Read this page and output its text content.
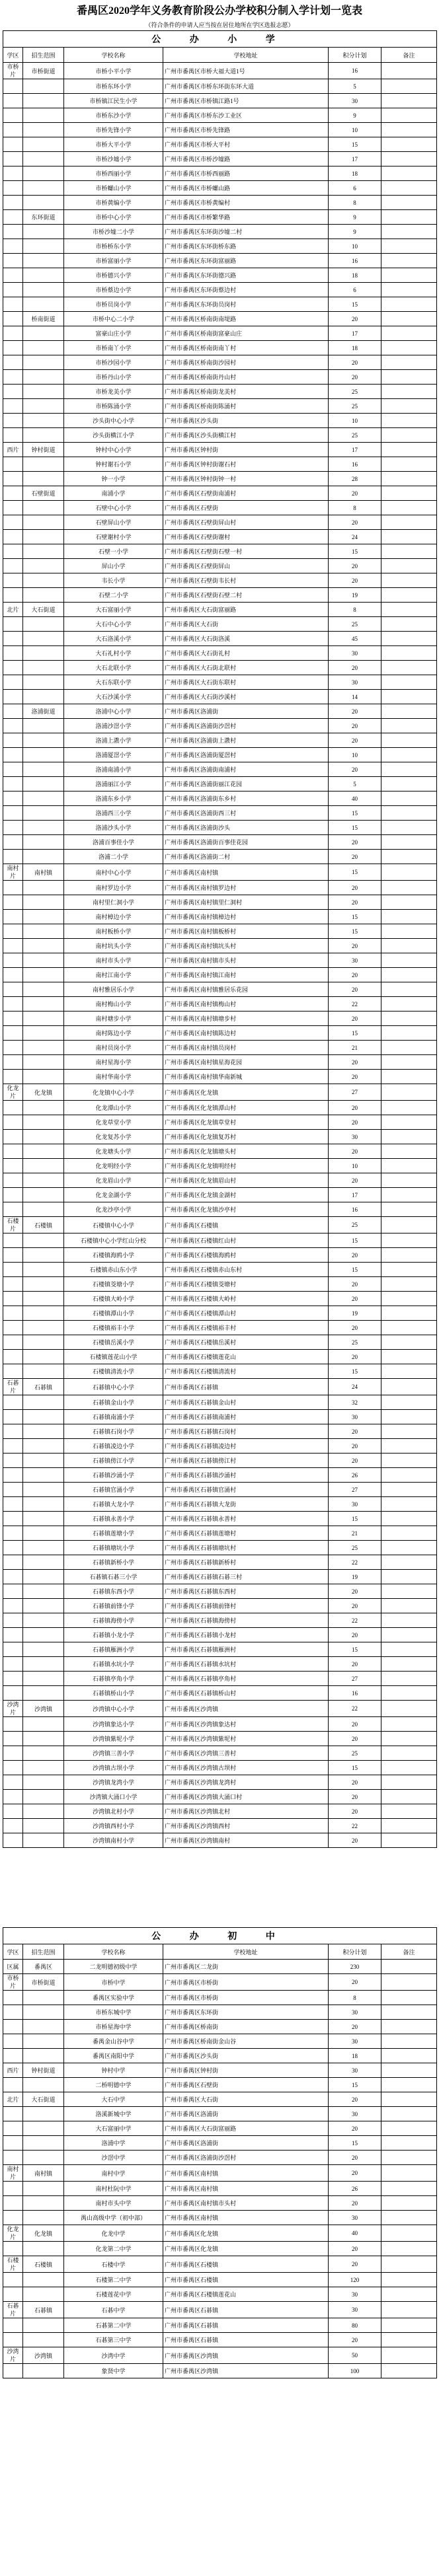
番禺区2020学年义务教育阶段公办学校积分制入学计划一览表
（符合条件的申请人应当按在居住地所在学区选报志愿）
公 办 小 学					
学区	招生范围	学校名称	学校地址	积分计划	备注
市桥片	市桥街道	市桥小平小学	广州市番禺区市桥大福大道1号	16	
		市桥东环小学	广州市番禺区市桥东环街东环大道	5	
		市桥镇江民生小学	广州市番禺区市桥镇江路1号	30	
		市桥东沙小学	广州市番禺区市桥东沙工业区	9	
		市桥先锋小学	广州市番禺区市桥先锋路	10	
		市桥大平小学	广州市番禺区市桥大平村	15	
		市桥沙墟小学	广州市番禺区市桥沙墟路	17	
		市桥西丽小学	广州市番禺区市桥西丽路	18	
		市桥螺山小学	广州市番禺区市桥螺山路	6	
		市桥黄编小学	广州市番禺区市桥黄编村	8	
	东环街道	市桥中心小学	广州市番禺区市桥繁华路	9	
		市桥沙墟二小学	广州市番禺区东环街沙墟二村	9	
		市桥桥东小学	广州市番禺区东环街桥东路	10	
		市桥富丽小学	广州市番禺区东环街富丽路	16	
		市桥德兴小学	广州市番禺区东环街德兴路	18	
		市桥蔡边小学	广州市番禺区东环街蔡边村	6	
		市桥员岗小学	广州市番禺区东环街员岗村	15	
	桥南街道	市桥中心二小学	广州市番禺区桥南街南堤路	20	
		富豪山庄小学	广州市番禺区桥南街富豪山庄	17	
		市桥南丫小学	广州市番禺区桥南街南丫村	18	
		市桥沙园小学	广州市番禺区桥南街沙园村	20	
		市桥丹山小学	广州市番禺区桥南街丹山村	20	
		市桥龙美小学	广州市番禺区桥南街龙美村	25	
		市桥陈涌小学	广州市番禺区桥南街陈涌村	25	
		沙头街中心小学	广州市番禺区沙头街	10	
		沙头街横江小学	广州市番禺区沙头街横江村	25	
西片	钟村街道	钟村中心小学	广州市番禺区钟村街	17	
		钟村谢石小学	广州市番禺区钟村街谢石村	16	
		钟一小学	广州市番禺区钟村街钟一村	28	
	石壁街道	南浦小学	广州市番禺区石壁街南浦村	20	
		石壁中心小学	广州市番禺区石壁街	8	
		石壁屏山小学	广州市番禺区石壁街屏山村	20	
		石壁谢村小学	广州市番禺区石壁街谢村	24	
		石壁一小学	广州市番禺区石壁街石壁一村	15	
		屏山小学	广州市番禺区石壁街屏山	20	
		韦长小学	广州市番禺区石壁街韦长村	20	
		石壁二小学	广州市番禺区石壁街石壁二村	19	
北片	大石街道	大石富丽小学	广州市番禺区大石街富丽路	8	
		大石中心小学	广州市番禺区大石街	25	
		大石洛溪小学	广州市番禺区大石街洛溪	45	
		大石礼村小学	广州市番禺区大石街礼村	30	
		大石北联小学	广州市番禺区大石街北联村	20	
		大石东联小学	广州市番禺区大石街东联村	30	
		大石沙溪小学	广州市番禺区大石街沙溪村	14	
	洛浦街道	洛浦中心小学	广州市番禺区洛浦街	20	
		洛浦沙滘小学	广州市番禺区洛浦街沙滘村	20	
		洛浦上漖小学	广州市番禺区洛浦街上漖村	20	
		洛浦厦滘小学	广州市番禺区洛浦街厦滘村	10	
		洛浦南浦小学	广州市番禺区洛浦街南浦村	20	
		洛浦丽江小学	广州市番禺区洛浦街丽江花园	5	
		洛浦东乡小学	广州市番禺区洛浦街东乡村	40	
		洛浦西三小学	广州市番禺区洛浦街西三村	15	
		洛浦沙头小学	广州市番禺区洛浦街沙头	15	
		洛浦百事佳小学	广州市番禺区洛浦街百事佳花园	20	
		洛浦二小学	广州市番禺区洛浦街二村	20	
南村片	南村镇	南村中心小学	广州市番禺区南村镇	15	
		南村罗边小学	广州市番禺区南村镇罗边村	20	
		南村里仁洞小学	广州市番禺区南村镇里仁洞村	20	
		南村樟边小学	广州市番禺区南村镇樟边村	15	
		南村板桥小学	广州市番禺区南村镇板桥村	15	
		南村坑头小学	广州市番禺区南村镇坑头村	20	
		南村市头小学	广州市番禺区南村镇市头村	30	
		南村江南小学	广州市番禺区南村镇江南村	20	
		南村雅居乐小学	广州市番禺区南村镇雅居乐花园	20	
		南村梅山小学	广州市番禺区南村镇梅山村	22	
		南村塘步小学	广州市番禺区南村镇塘步村	20	
		南村陈边小学	广州市番禺区南村镇陈边村	15	
		南村员岗小学	广州市番禺区南村镇员岗村	21	
		南村星海小学	广州市番禺区南村镇星海花园	20	
		南村华南小学	广州市番禺区南村镇华南新城	20	
化龙片	化龙镇	化龙镇中心小学	广州市番禺区化龙镇	27	
		化龙潭山小学	广州市番禺区化龙镇潭山村	20	
		化龙草堂小学	广州市番禺区化龙镇草堂村	20	
		化龙复苏小学	广州市番禺区化龙镇复苏村	30	
		化龙塘头小学	广州市番禺区化龙镇塘头村	20	
		化龙明经小学	广州市番禺区化龙镇明经村	10	
		化龙眉山小学	广州市番禺区化龙镇眉山村	20	
		化龙金湖小学	广州市番禺区化龙镇金湖村	17	
		化龙沙亭小学	广州市番禺区化龙镇沙亭村	16	
石楼片	石楼镇	石楼镇中心小学	广州市番禺区石楼镇	25	
		石楼镇中心小学红山分校	广州市番禺区石楼镇红山村	15	
		石楼镇海鸥小学	广州市番禺区石楼镇海鸥村	20	
		石楼镇赤山东小学	广州市番禺区石楼镇赤山东村	15	
		石楼镇茭塘小学	广州市番禺区石楼镇茭塘村	20	
		石楼镇大岭小学	广州市番禺区石楼镇大岭村	20	
		石楼镇潭山小学	广州市番禺区石楼镇潭山村	19	
		石楼镇裕丰小学	广州市番禺区石楼镇裕丰村	20	
		石楼镇岳溪小学	广州市番禺区石楼镇岳溪村	25	
		石楼镇莲花山小学	广州市番禺区石楼镇莲花山	20	
		石楼镇清流小学	广州市番禺区石楼镇清流村	15	
石碁片	石碁镇	石碁镇中心小学	广州市番禺区石碁镇	24	
		石碁镇金山小学	广州市番禺区石碁镇金山村	32	
		石碁镇南浦小学	广州市番禺区石碁镇南浦村	30	
		石碁镇石岗小学	广州市番禺区石碁镇石岗村	20	
		石碁镇凌边小学	广州市番禺区石碁镇凌边村	20	
		石碁镇傍江小学	广州市番禺区石碁镇傍江村	20	
		石碁镇沙涌小学	广州市番禺区石碁镇沙涌村	26	
		石碁镇官涌小学	广州市番禺区石碁镇官涌村	27	
		石碁镇大龙小学	广州市番禺区石碁镇大龙街	30	
		石碁镇永善小学	广州市番禺区石碁镇永善村	15	
		石碁镇莲塘小学	广州市番禺区石碁镇莲塘村	21	
		石碁镇塘坑小学	广州市番禺区石碁镇塘坑村	25	
		石碁镇新桥小学	广州市番禺区石碁镇新桥村	22	
		石碁镇石碁三小学	广州市番禺区石碁镇石碁三村	19	
		石碁镇东西小学	广州市番禺区石碁镇东西村	20	
		石碁镇前锋小学	广州市番禺区石碁镇前锋村	20	
		石碁镇海傍小学	广州市番禺区石碁镇海傍村	22	
		石碁镇小龙小学	广州市番禺区石碁镇小龙村	20	
		石碁镇雁洲小学	广州市番禺区石碁镇雁洲村	15	
		石碁镇水坑小学	广州市番禺区石碁镇水坑村	20	
		石碁镇亭角小学	广州市番禺区石碁镇亭角村	27	
		石碁镇桥山小学	广州市番禺区石碁镇桥山村	16	
沙湾片	沙湾镇	沙湾镇中心小学	广州市番禺区沙湾镇	22	
		沙湾镇象达小学	广州市番禺区沙湾镇象达村	20	
		沙湾镇紫坭小学	广州市番禺区沙湾镇紫坭村	20	
		沙湾镇三善小学	广州市番禺区沙湾镇三善村	25	
		沙湾镇古坝小学	广州市番禺区沙湾镇古坝村	15	
		沙湾镇龙湾小学	广州市番禺区沙湾镇龙湾村	20	
		沙湾镇大涌口小学	广州市番禺区沙湾镇大涌口村	20	
		沙湾镇北村小学	广州市番禺区沙湾镇北村	20	
		沙湾镇西村小学	广州市番禺区沙湾镇西村	22	
		沙湾镇南村小学	广州市番禺区沙湾镇南村	20	
公 办 初 中					
学区	招生范围	学校名称	学校地址	积分计划	备注
区属	番禺区	二龙明德初级中学	广州市番禺区二龙街	230	
市桥片	市桥街道	市桥中学	广州市番禺区市桥街	20	
		番禺区实验中学	广州市番禺区市桥街	8	
		市桥东城中学	广州市番禺区东环街	30	
		市桥星海中学	广州市番禺区桥南街	20	
		番禺金山谷中学	广州市番禺区桥南街金山谷	30	
		番禺区南阳中学	广州市番禺区沙头街	18	
西片	钟村街道	钟村中学	广州市番禺区钟村街	30	
		二桥明德中学	广州市番禺区石壁街	15	
北片	大石街道	大石中学	广州市番禺区大石街	20	
		洛溪新城中学	广州市番禺区洛浦街	30	
		大石富丽中学	广州市番禺区大石街富丽路	20	
		洛浦中学	广州市番禺区洛浦街	15	
		沙滘中学	广州市番禺区洛浦街沙滘村	20	
南村片	南村镇	南村中学	广州市番禺区南村镇	20	
		南村杜阮中学	广州市番禺区南村镇	26	
		南村市头中学	广州市番禺区南村镇市头村	20	
		禺山高级中学（初中部）	广州市番禺区南村镇	30	
化龙片	化龙镇	化龙中学	广州市番禺区化龙镇	40	
		化龙第二中学	广州市番禺区化龙镇	20	
石楼片	石楼镇	石楼中学	广州市番禺区石楼镇	20	
		石楼第二中学	广州市番禺区石楼镇	120	
		石楼莲花中学	广州市番禺区石楼镇莲花山	30	
石碁片	石碁镇	石碁中学	广州市番禺区石碁镇	30	
		石碁第二中学	广州市番禺区石碁镇	80	
		石碁第三中学	广州市番禺区石碁镇	20	
沙湾片	沙湾镇	沙湾中学	广州市番禺区沙湾镇	50	
		象贤中学	广州市番禺区沙湾镇	100	
